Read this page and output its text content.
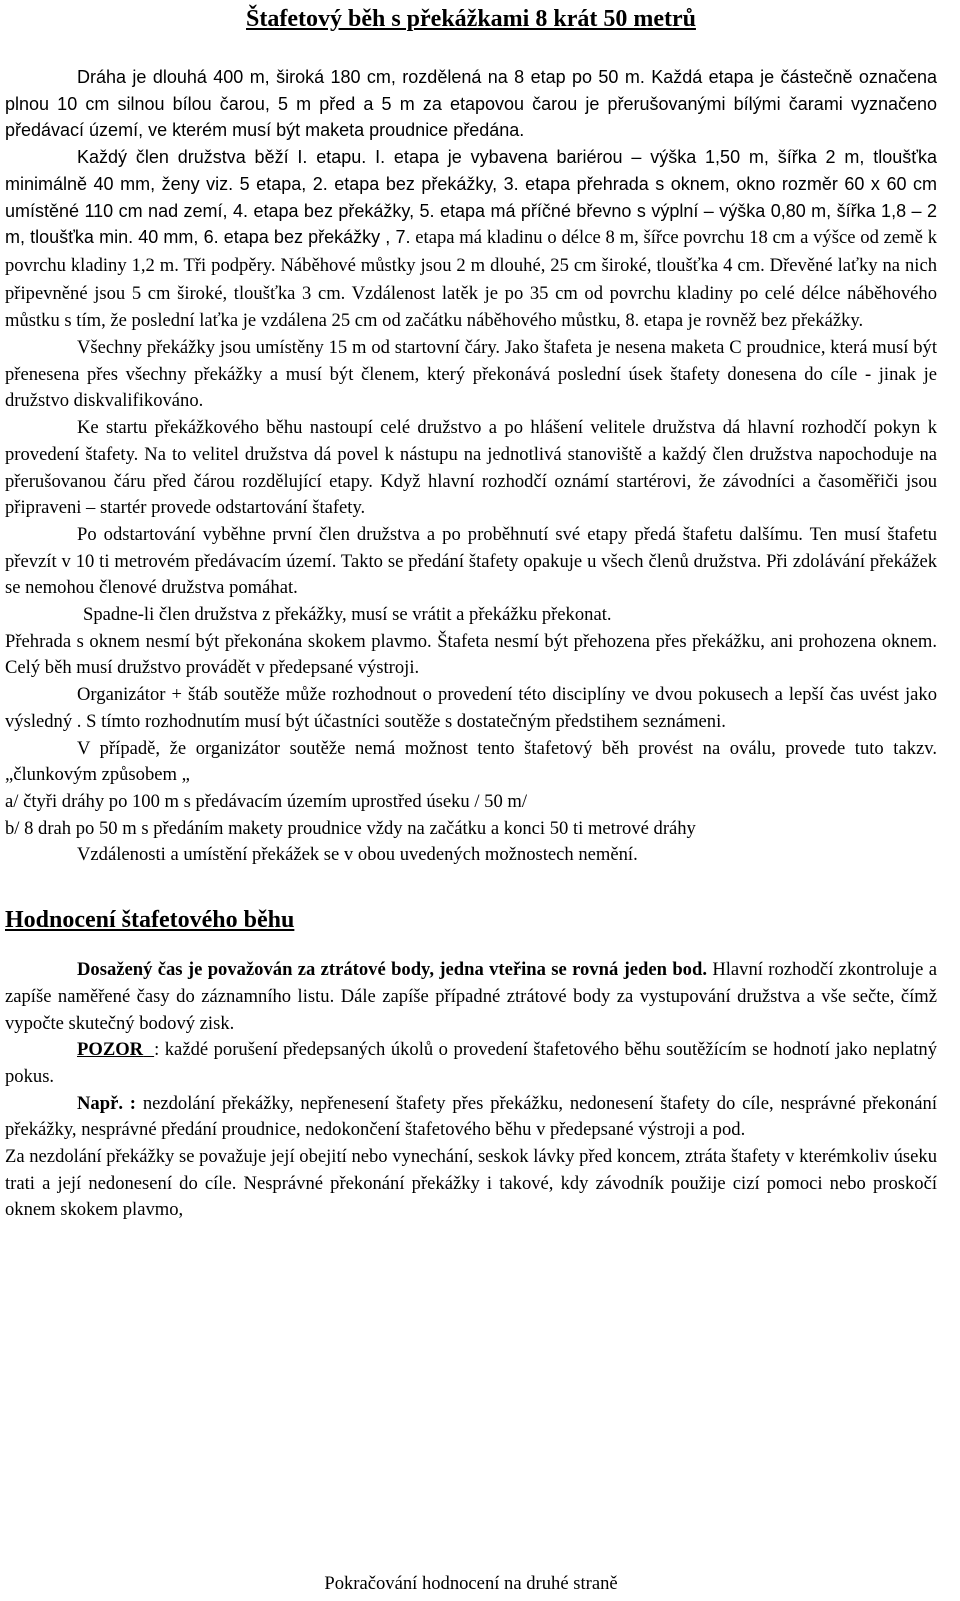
Štafetový běh s překážkami 8 krát 50 metrů

Dráha je dlouhá 400 m, široká 180 cm, rozdělená na 8 etap po 50 m. Každá etapa je částečně označena plnou 10 cm silnou bílou čarou, 5 m před a 5 m za etapovou čarou je přerušovanými bílými čarami vyznačeno předávací území, ve kterém musí být maketa proudnice předána.

Každý člen družstva běží I. etapu. I. etapa je vybavena bariérou – výška 1,50 m, šířka 2 m, tloušťka minimálně 40 mm, ženy viz. 5 etapa, 2. etapa bez překážky, 3. etapa přehrada s oknem, okno rozměr 60 x 60 cm umístěné 110 cm nad zemí, 4. etapa bez překážky, 5. etapa má příčné břevno s výplní – výška 0,80 m, šířka 1,8 – 2 m, tloušťka min. 40 mm, 6. etapa bez překážky , 7. etapa má kladinu o délce 8 m, šířce povrchu 18 cm a výšce od země k povrchu kladiny 1,2 m. Tři podpěry. Náběhové můstky jsou 2 m dlouhé, 25 cm široké, tloušťka 4 cm. Dřevěné laťky na nich připevněné jsou 5 cm široké, tloušťka 3 cm. Vzdálenost latěk je po 35 cm od povrchu kladiny po celé délce náběhového můstku s tím, že poslední laťka je vzdálena 25 cm od začátku náběhového můstku, 8. etapa je rovněž bez překážky.

Všechny překážky jsou umístěny 15 m od startovní čáry. Jako štafeta je nesena maketa C proudnice, která musí být přenesena přes všechny překážky a musí být členem, který překonává poslední úsek štafety donesena do cíle - jinak je družstvo diskvalifikováno.

Ke startu překážkového běhu nastoupí celé družstvo a po hlášení velitele družstva dá hlavní rozhodčí pokyn k provedení štafety. Na to velitel družstva dá povel k nástupu na jednotlivá stanoviště a každý člen družstva napochoduje na přerušovanou čáru před čárou rozdělující etapy. Když hlavní rozhodčí oznámí startérovi, že závodníci a časoměřiči jsou připraveni – startér provede odstartování štafety.

Po odstartování vyběhne první člen družstva a po proběhnutí své etapy předá štafetu dalšímu. Ten musí štafetu převzít v 10 ti metrovém předávacím území. Takto se předání štafety opakuje u všech členů družstva. Při zdolávání překážek se nemohou členové družstva pomáhat.

Spadne-li člen družstva z překážky, musí se vrátit a překážku překonat.

Přehrada s oknem nesmí být překonána skokem plavmo. Štafeta nesmí být přehozena přes překážku, ani prohozena oknem. Celý běh musí družstvo provádět v předepsané výstroji.

Organizátor + štáb soutěže může rozhodnout o provedení této disciplíny ve dvou pokusech a lepší čas uvést jako výsledný . S tímto rozhodnutím musí být účastníci soutěže s dostatečným předstihem seznámeni.

V případě, že organizátor soutěže nemá možnost tento štafetový běh provést na oválu, provede tuto takzv. „člunkovým způsobem „

a/ čtyři dráhy po 100 m s předávacím územím uprostřed úseku / 50 m/

b/ 8 drah po 50 m s předáním makety proudnice vždy na začátku a konci 50 ti metrové dráhy

Vzdálenosti a umístění překážek se v obou uvedených možnostech nemění.

Hodnocení štafetového běhu

Dosažený čas je považován za ztrátové body, jedna vteřina se rovná jeden bod. Hlavní rozhodčí zkontroluje a zapíše naměřené časy do záznamního listu. Dále zapíše případné ztrátové body za vystupování družstva a vše sečte, čímž vypočte skutečný bodový zisk.

POZOR : každé porušení předepsaných úkolů o provedení štafetového běhu soutěžícím se hodnotí jako neplatný pokus.

Např. : nezdolání překážky, nepřenesení štafety přes překážku, nedonesení štafety do cíle, nesprávné překonání překážky, nesprávné předání proudnice, nedokončení štafetového běhu v předepsané výstroji a pod.

Za nezdolání překážky se považuje její obejití nebo vynechání, seskok lávky před koncem, ztráta štafety v kterémkoliv úseku trati a její nedonesení do cíle. Nesprávné překonání překážky i takové, kdy závodník použije cizí pomoci nebo proskočí oknem skokem plavmo,

Pokračování hodnocení na druhé straně
